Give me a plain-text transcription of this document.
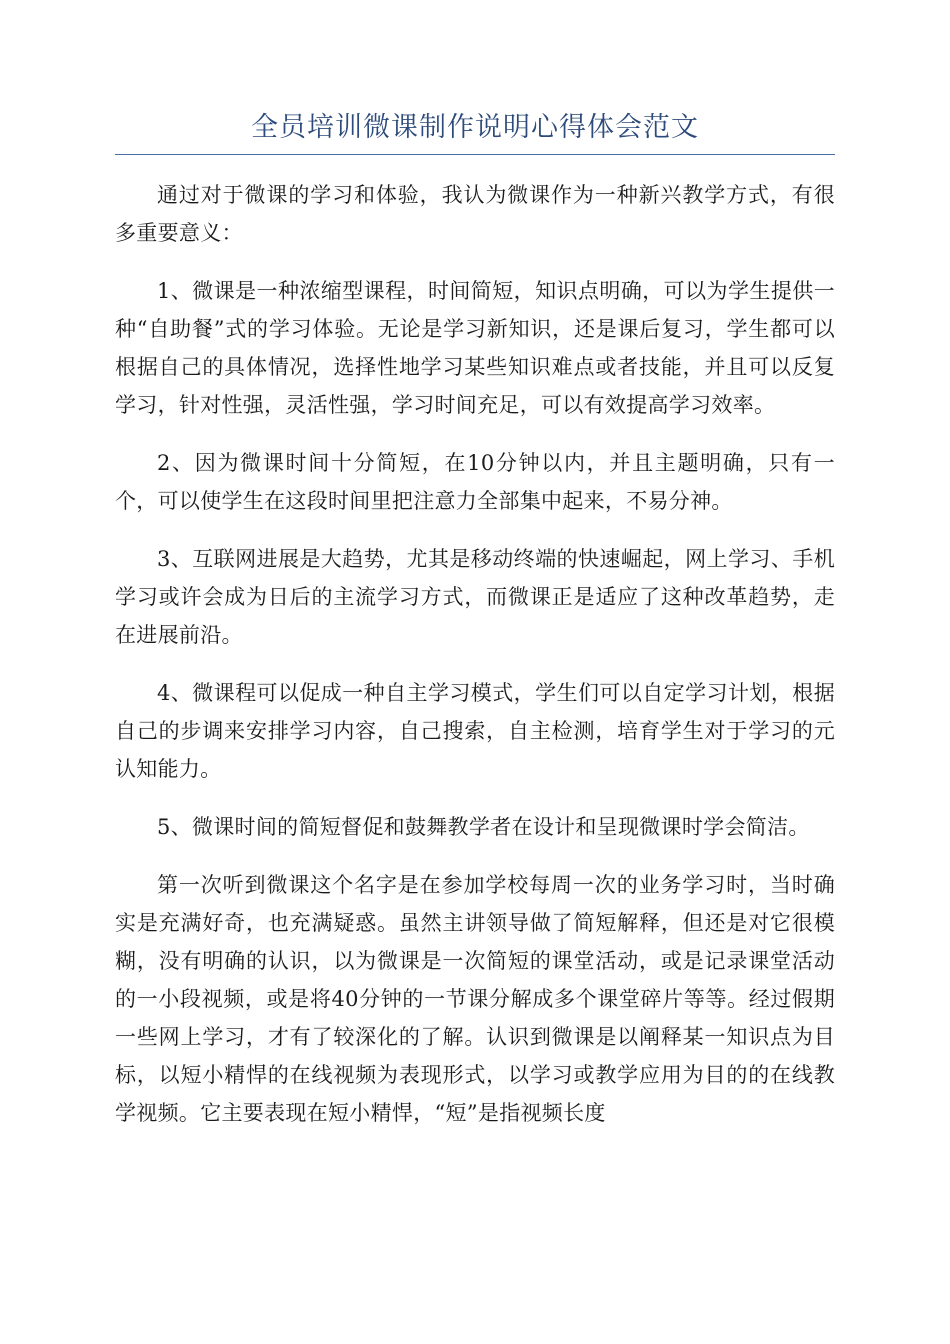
全员培训微课制作说明心得体会范文

通过对于微课的学习和体验，我认为微课作为一种新兴教学方式，有很多重要意义：

1、微课是一种浓缩型课程，时间简短，知识点明确，可以为学生提供一种“自助餐”式的学习体验。无论是学习新知识，还是课后复习，学生都可以根据自己的具体情况，选择性地学习某些知识难点或者技能，并且可以反复学习，针对性强，灵活性强，学习时间充足，可以有效提高学习效率。

2、因为微课时间十分简短，在10分钟以内，并且主题明确，只有一个，可以使学生在这段时间里把注意力全部集中起来，不易分神。

3、互联网进展是大趋势，尤其是移动终端的快速崛起，网上学习、手机学习或许会成为日后的主流学习方式，而微课正是适应了这种改革趋势，走在进展前沿。

4、微课程可以促成一种自主学习模式，学生们可以自定学习计划，根据自己的步调来安排学习内容，自己搜索，自主检测，培育学生对于学习的元认知能力。

5、微课时间的简短督促和鼓舞教学者在设计和呈现微课时学会简洁。

第一次听到微课这个名字是在参加学校每周一次的业务学习时，当时确实是充满好奇，也充满疑惑。虽然主讲领导做了简短解释，但还是对它很模糊，没有明确的认识，以为微课是一次简短的课堂活动，或是记录课堂活动的一小段视频，或是将40分钟的一节课分解成多个课堂碎片等等。经过假期一些网上学习，才有了较深化的了解。认识到微课是以阐释某一知识点为目标，以短小精悍的在线视频为表现形式，以学习或教学应用为目的的在线教学视频。它主要表现在短小精悍，“短”是指视频长度
